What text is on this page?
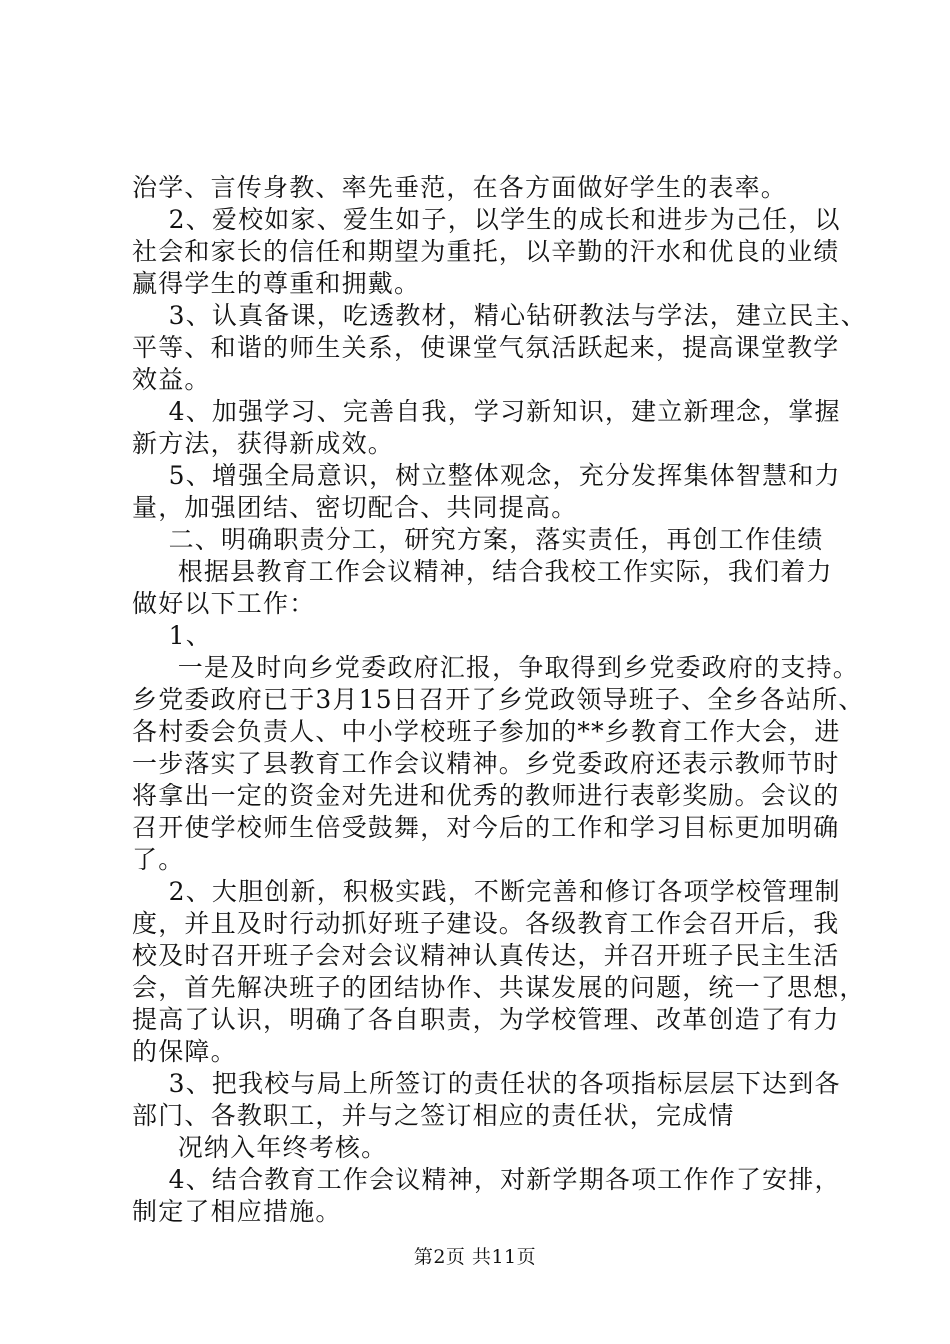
治学、言传身教、率先垂范，在各方面做好学生的表率。
2、爱校如家、爱生如子，以学生的成长和进步为己任，以
社会和家长的信任和期望为重托，以辛勤的汗水和优良的业绩
赢得学生的尊重和拥戴。
3、认真备课，吃透教材，精心钻研教法与学法，建立民主、
平等、和谐的师生关系，使课堂气氛活跃起来，提高课堂教学
效益。
4、加强学习、完善自我，学习新知识，建立新理念，掌握
新方法，获得新成效。
5、增强全局意识，树立整体观念，充分发挥集体智慧和力
量，加强团结、密切配合、共同提高。
二、明确职责分工，研究方案，落实责任，再创工作佳绩
根据县教育工作会议精神，结合我校工作实际，我们着力
做好以下工作：
1、
一是及时向乡党委政府汇报，争取得到乡党委政府的支持。
乡党委政府已于3月15日召开了乡党政领导班子、全乡各站所、
各村委会负责人、中小学校班子参加的**乡教育工作大会，进
一步落实了县教育工作会议精神。乡党委政府还表示教师节时
将拿出一定的资金对先进和优秀的教师进行表彰奖励。会议的
召开使学校师生倍受鼓舞，对今后的工作和学习目标更加明确
了。
2、大胆创新，积极实践，不断完善和修订各项学校管理制
度，并且及时行动抓好班子建设。各级教育工作会召开后，我
校及时召开班子会对会议精神认真传达，并召开班子民主生活
会，首先解决班子的团结协作、共谋发展的问题，统一了思想，
提高了认识，明确了各自职责，为学校管理、改革创造了有力
的保障。
3、把我校与局上所签订的责任状的各项指标层层下达到各
部门、各教职工，并与之签订相应的责任状，完成情
况纳入年终考核。
4、结合教育工作会议精神，对新学期各项工作作了安排，
制定了相应措施。
第2页 共11页
